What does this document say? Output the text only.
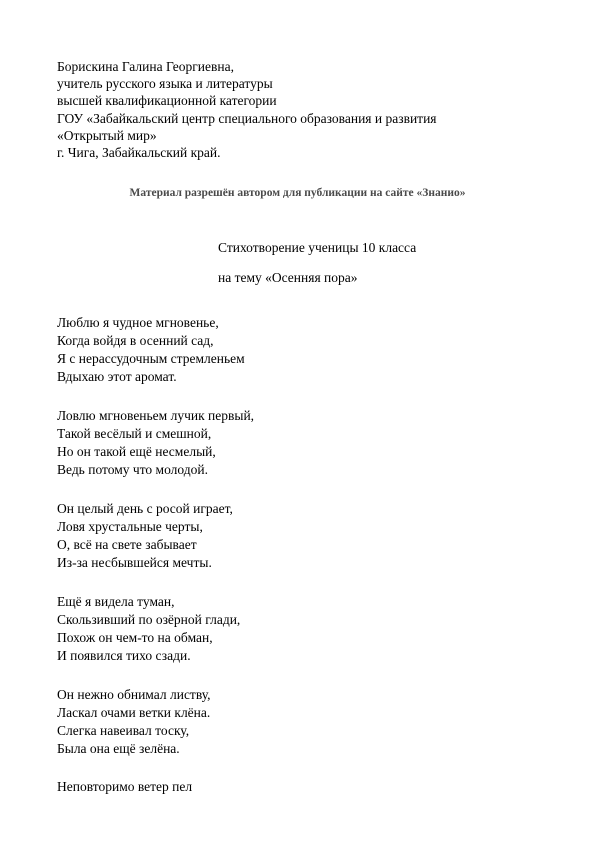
Борискина Галина Георгиевна,
учитель русского языка и литературы
высшей квалификационной категории
ГОУ «Забайкальский центр специального образования и развития
«Открытый мир»
г. Чига, Забайкальский край.
Материал разрешён автором для публикации на сайте «Знанио»
Стихотворение ученицы 10 класса
на тему «Осенняя пора»
Люблю я чудное мгновенье,
Когда войдя в осенний сад,
Я с нерассудочным стремленьем
Вдыхаю этот аромат.
Ловлю мгновеньем лучик первый,
Такой весёлый и смешной,
Но он такой ещё несмелый,
Ведь потому что молодой.
Он целый день с росой играет,
Ловя хрустальные черты,
О, всё на свете забывает
Из-за несбывшейся мечты.
Ещё я видела туман,
Скользивший по озёрной глади,
Похож он чем-то на обман,
И появился тихо сзади.
Он нежно обнимал листву,
Ласкал очами ветки клёна.
Слегка навеивал тоску,
Была она ещё зелёна.
Неповторимо ветер пел
